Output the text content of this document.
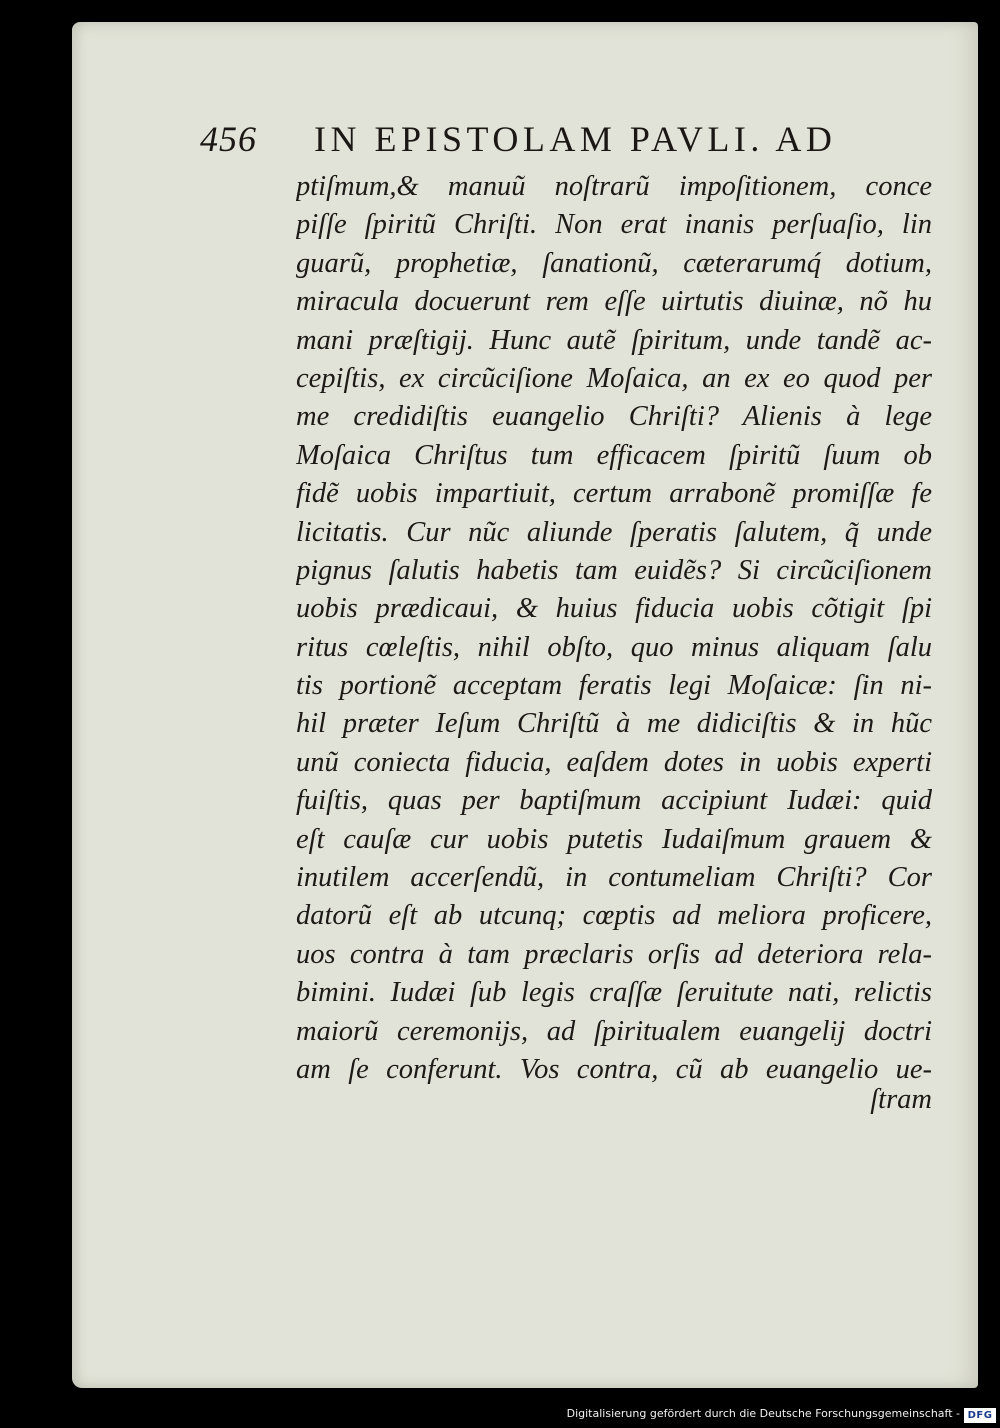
456 IN EPISTOLAM PAVLI. AD
ptiſmum,& manuũ noſtrarũ impoſitionem, conce
piſſe ſpiritũ Chriſti. Non erat inanis perſuaſio, lin
guarũ, prophetiæ, ſanationũ, cæterarumq́ dotium,
miracula docuerunt rem eſſe uirtutis diuinæ, nõ hu
mani præſtigij. Hunc autẽ ſpiritum, unde tandẽ ac-
cepiſtis, ex circũciſione Moſaica, an ex eo quod per
me credidiſtis euangelio Chriſti? Alienis à lege
Moſaica Chriſtus tum efficacem ſpiritũ ſuum ob
fidẽ uobis impartiuit, certum arrabonẽ promiſſæ fe
licitatis. Cur nũc aliunde ſperatis ſalutem, q̃ unde
pignus ſalutis habetis tam euidẽs? Si circũciſionem
uobis prædicaui, & huius fiducia uobis cõtigit ſpi
ritus cœleſtis, nihil obſto, quo minus aliquam ſalu
tis portionẽ acceptam feratis legi Moſaicæ: ſin ni-
hil præter Ieſum Chriſtũ à me didiciſtis & in hũc
unũ coniecta fiducia, eaſdem dotes in uobis experti
fuiſtis, quas per baptiſmum accipiunt Iudæi: quid
eſt cauſæ cur uobis putetis Iudaiſmum grauem &
inutilem accerſendũ, in contumeliam Chriſti? Cor
datorũ eſt ab utcunq; cœptis ad meliora proficere,
uos contra à tam præclaris orſis ad deteriora rela-
bimini. Iudæi ſub legis craſſæ ſeruitute nati, relictis
maiorũ ceremonijs, ad ſpiritualem euangelij doctri
am ſe conferunt. Vos contra, cũ ab euangelio ue-
ſtram
Digitalisierung gefördert durch die Deutsche Forschungsgemeinschaft - DFG
